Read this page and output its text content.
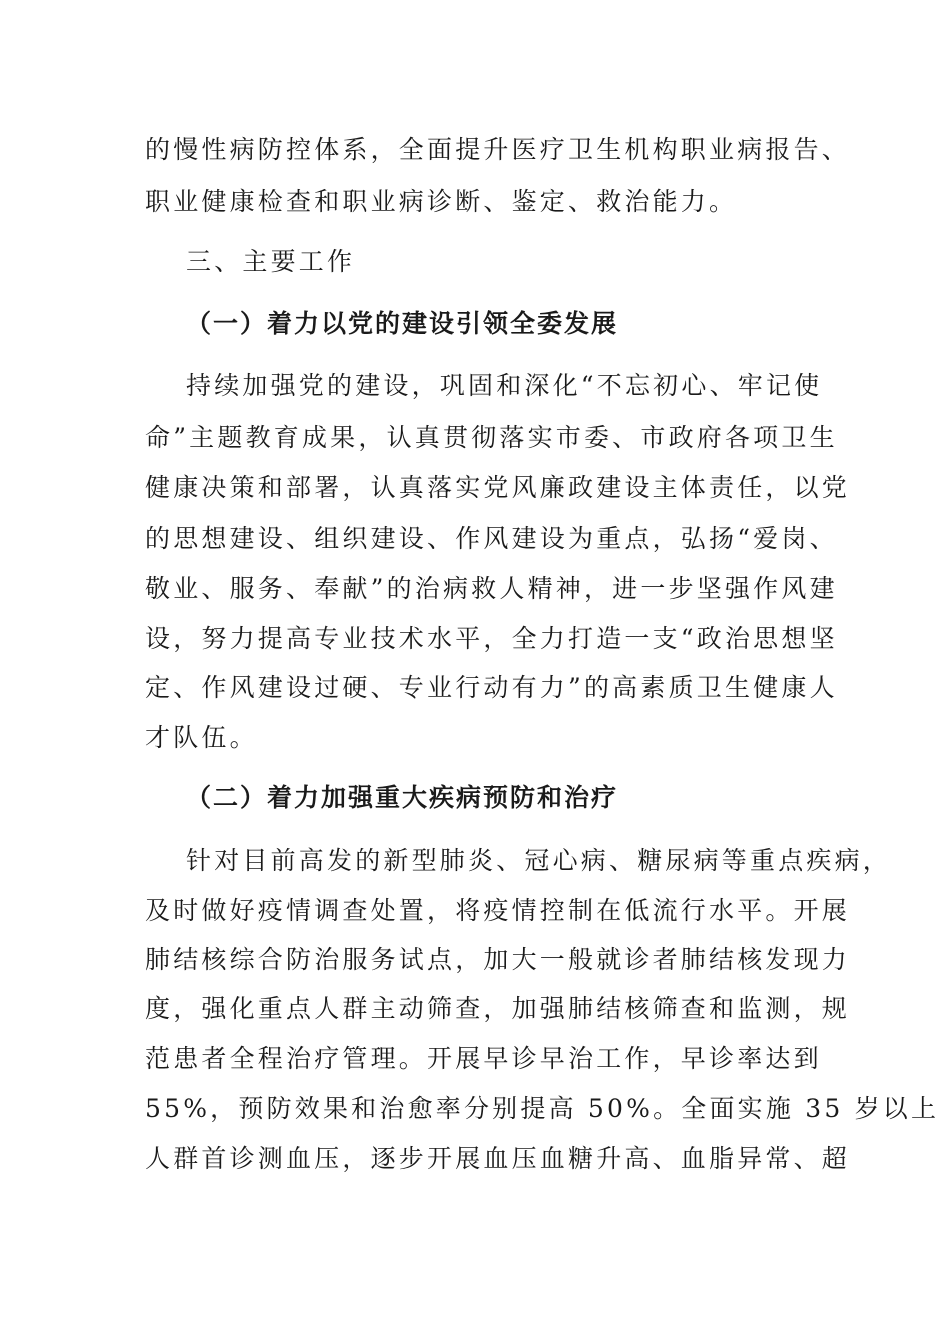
的慢性病防控体系，全面提升医疗卫生机构职业病报告、
职业健康检查和职业病诊断、鉴定、救治能力。
三、主要工作
（一）着力以党的建设引领全委发展
持续加强党的建设，巩固和深化“不忘初心、牢记使
命”主题教育成果，认真贯彻落实市委、市政府各项卫生
健康决策和部署，认真落实党风廉政建设主体责任，以党
的思想建设、组织建设、作风建设为重点，弘扬“爱岗、
敬业、服务、奉献”的治病救人精神，进一步坚强作风建
设，努力提高专业技术水平，全力打造一支“政治思想坚
定、作风建设过硬、专业行动有力”的高素质卫生健康人
才队伍。
（二）着力加强重大疾病预防和治疗
针对目前高发的新型肺炎、冠心病、糖尿病等重点疾病，
及时做好疫情调查处置，将疫情控制在低流行水平。开展
肺结核综合防治服务试点，加大一般就诊者肺结核发现力
度，强化重点人群主动筛查，加强肺结核筛查和监测，规
范患者全程治疗管理。开展早诊早治工作，早诊率达到
55%，预防效果和治愈率分别提高 50%。全面实施 35 岁以上
人群首诊测血压，逐步开展血压血糖升高、血脂异常、超
